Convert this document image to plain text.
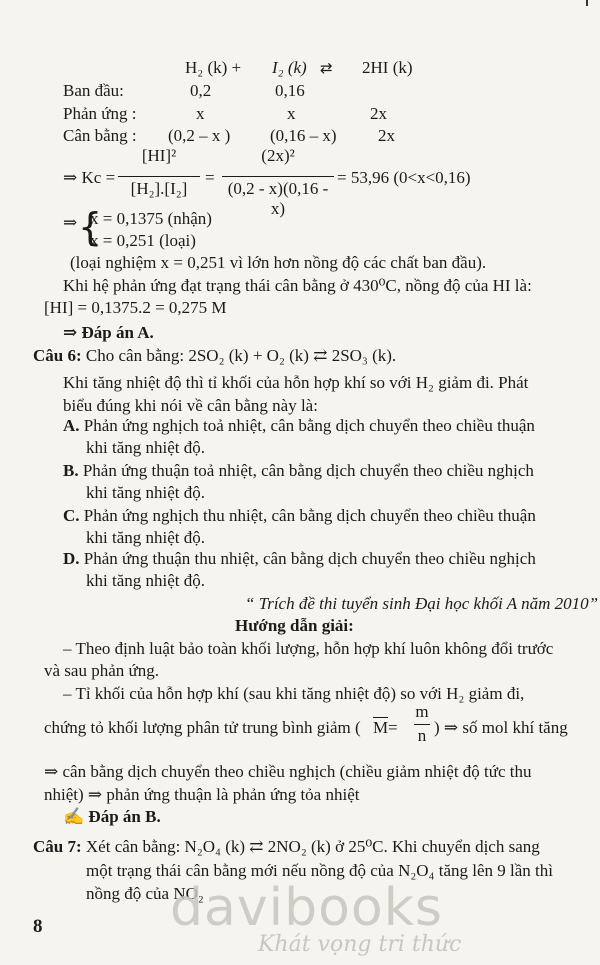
H₂ (k) + I₂ (k) ⇄ 2HI (k)
Ban đầu:	0,2	0,16
Phản ứng :	x	x	2x
Cân bằng : (0,2 – x ) (0,16 – x) 2x
⇒ Kc =
[HI]²
[H₂].[I₂]
=
(2x)²
(0,2 - x)(0,16 - x)
= 53,96 (0<x<0,16)
⇒ {
x = 0,1375 (nhận)
x = 0,251 (loại)
(loại nghiệm x = 0,251 vì lớn hơn nồng độ các chất ban đầu).
Khi hệ phản ứng đạt trạng thái cân bằng ở 430⁰C, nồng độ của HI là:
[HI] = 0,1375.2 = 0,275 M
⇒ Đáp án A.
Câu 6: Cho cân bằng: 2SO₂ (k) + O₂ (k) ⇄ 2SO₃ (k).
Khi tăng nhiệt độ thì tỉ khối của hỗn hợp khí so với H₂ giảm đi. Phát
biểu đúng khi nói về cân bằng này là:
A. Phản ứng nghịch toả nhiệt, cân bằng dịch chuyển theo chiều thuận
khi tăng nhiệt độ.
B. Phản ứng thuận toả nhiệt, cân bằng dịch chuyển theo chiều nghịch
khi tăng nhiệt độ.
C. Phản ứng nghịch thu nhiệt, cân bằng dịch chuyển theo chiều thuận
khi tăng nhiệt độ.
D. Phản ứng thuận thu nhiệt, cân bằng dịch chuyển theo chiều nghịch
khi tăng nhiệt độ.
“ Trích đề thi tuyển sinh Đại học khối A năm 2010”
Hướng dẫn giải:
– Theo định luật bảo toàn khối lượng, hỗn hợp khí luôn không đổi trước
và sau phản ứng.
– Tỉ khối của hỗn hợp khí (sau khi tăng nhiệt độ) so với H₂ giảm đi,
chứng tỏ khối lượng phân tử trung bình giảm ( M =
m
n ) ⇒ số mol khí tăng
⇒ cân bằng dịch chuyển theo chiều nghịch (chiều giảm nhiệt độ tức thu
nhiệt) ⇒ phản ứng thuận là phản ứng tỏa nhiệt
✍ Đáp án B.
Câu 7: Xét cân bằng: N₂O₄ (k) ⇄ 2NO₂ (k) ở 25⁰C. Khi chuyển dịch sang
một trạng thái cân bằng mới nếu nồng độ của N₂O₄ tăng lên 9 lần thì
nồng độ của NO₂
davibooks
Khát vọng tri thức
8
